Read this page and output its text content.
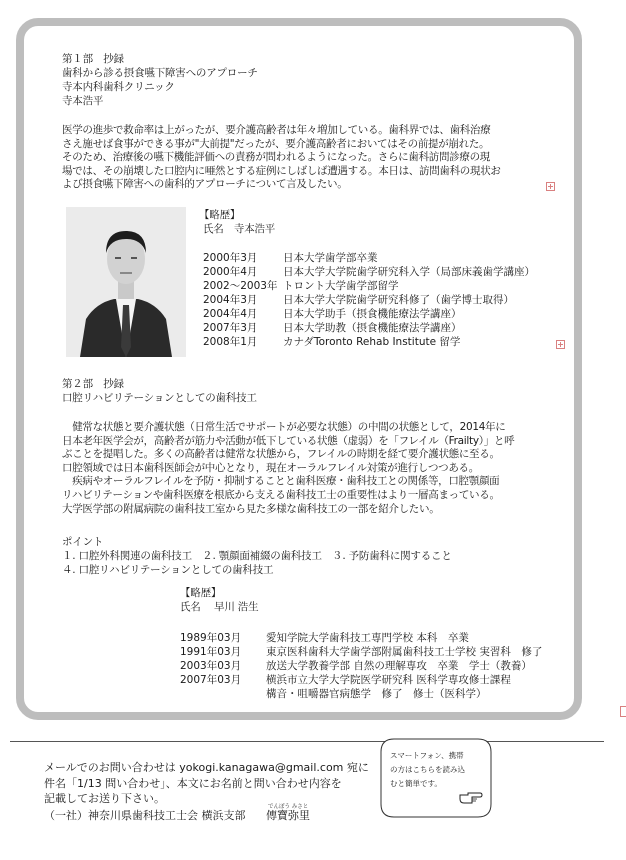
第１部　抄録
歯科から診る摂食嚥下障害へのアプローチ
寺本内科歯科クリニック
寺本浩平
医学の進歩で救命率は上がったが、要介護高齢者は年々増加している。歯科界では、歯科治療
さえ施せば食事ができる事が"大前提"だったが、要介護高齢者においてはその前提が崩れた。
そのため、治療後の嚥下機能評価への責務が問われるようになった。さらに歯科訪問診療の現
場では、その崩壊した口腔内に唖然とする症例にしばしば遭遇する。本日は、訪問歯科の現状お
よび摂食嚥下障害への歯科的アプローチについて言及したい。
【略歴】
氏名　寺本浩平
2000年3月 日本大学歯学部卒業
2000年4月 日本大学大学院歯学研究科入学（局部床義歯学講座）
2002〜2003年 トロント大学歯学部留学
2004年3月 日本大学大学院歯学研究科修了（歯学博士取得）
2004年4月 日本大学助手（摂食機能療法学講座）
2007年3月 日本大学助教（摂食機能療法学講座）
2008年1月 カナダToronto Rehab Institute 留学
第２部　抄録
口腔リハビリテーションとしての歯科技工
　健常な状態と要介護状態（日常生活でサポートが必要な状態）の中間の状態として，2014年に
日本老年医学会が，高齢者が筋力や活動が低下している状態（虚弱）を「フレイル（Frailty）」と呼
ぶことを提唱した。多くの高齢者は健常な状態から，フレイルの時期を経て要介護状態に至る。
口腔領域では日本歯科医師会が中心となり，現在オーラルフレイル対策が進行しつつある。
　疾病やオーラルフレイルを予防・抑制することと歯科医療・歯科技工との関係等，口腔顎顔面
リハビリテーションや歯科医療を根底から支える歯科技工士の重要性はより一層高まっている。
大学医学部の附属病院の歯科技工室から見た多様な歯科技工の一部を紹介したい。
ポイント
１. 口腔外科関連の歯科技工　２. 顎顔面補綴の歯科技工　３. 予防歯科に関すること
４. 口腔リハビリテーションとしての歯科技工
【略歴】
氏名　 早川 浩生
1989年03月 愛知学院大学歯科技工専門学校 本科　卒業
1991年03月 東京医科歯科大学歯学部附属歯科技工士学校 実習科　修了
2003年03月 放送大学教養学部 自然の理解専攻　卒業　学士（教養）
2007年03月 横浜市立大学大学院医学研究科 医科学専攻修士課程
構音・咀嚼器官病態学　修了　修士（医科学）
メールでのお問い合わせは yokogi.kanagawa@gmail.com 宛に
件名「1/13 問い合わせ」、本文にお名前と問い合わせ内容を
記載してお送り下さい。
（一社）神奈川県歯科技工士会 横浜支部
でんぽう みさと
傳寶弥里
スマートフォン、携帯
の方はこちらを読み込
むと簡単です。
